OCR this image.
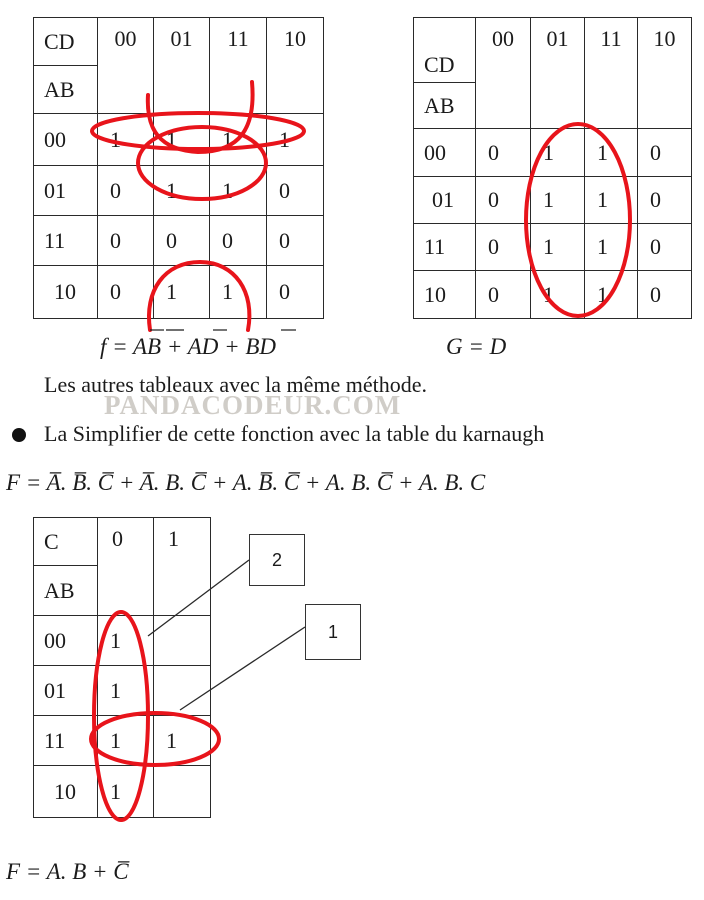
CD	00	01	11	10
AB				
00	1	1	1	1
01	0	1	1	0
11	0	0	0	0
10	0	1	1	0
CD	00	01	11	10
AB				
00	0	1	1	0
01	0	1	1	0
11	0	1	1	0
10	0	1	1	0
f = AB + AD + BD	G = D
Les autres tableaux avec la même méthode.
PANDACODEUR.COM
La Simplifier de cette fonction avec la table du karnaugh
F = A̅. B̅. C̅ + A̅. B. C̅ + A. B̅. C̅ + A. B. C̅ + A. B. C
C	0	1
AB		
00	1	
01	1	
11	1	1
10	1	
2
1
F = A. B + C̅
